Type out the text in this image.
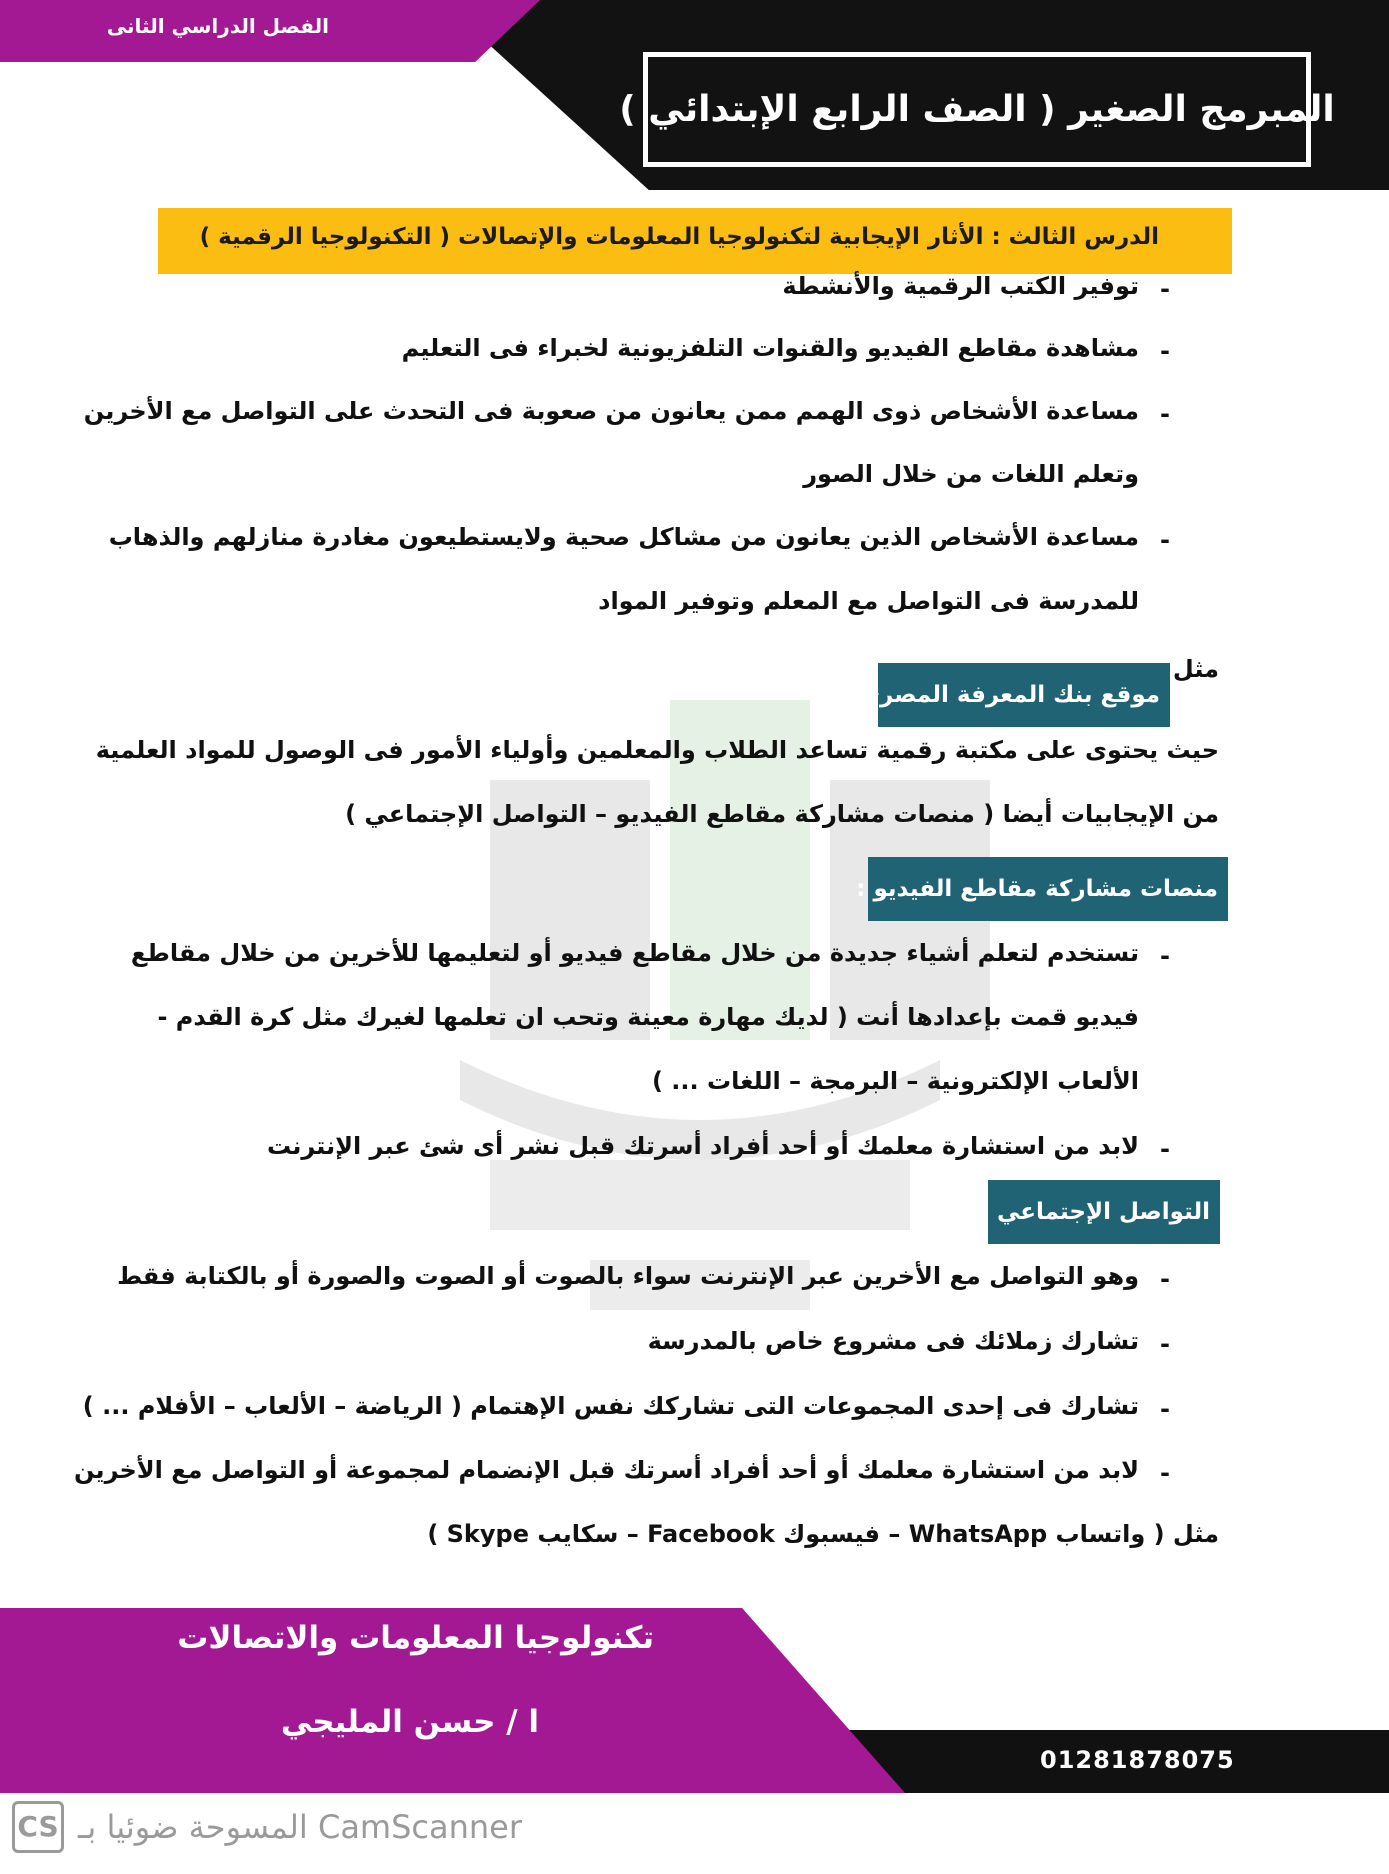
الفصل الدراسي الثانى
المبرمج الصغير ( الصف الرابع الإبتدائي )
الدرس الثالث : الأثار الإيجابية لتكنولوجيا المعلومات والإتصالات ( التكنولوجيا الرقمية )
-
توفير الكتب الرقمية والأنشطة
-
مشاهدة مقاطع الفيديو والقنوات التلفزيونية لخبراء فى التعليم
-
مساعدة الأشخاص ذوى الهمم ممن يعانون من صعوبة فى التحدث على التواصل مع الأخرين
وتعلم اللغات من خلال الصور
-
مساعدة الأشخاص الذين يعانون من مشاكل صحية ولايستطيعون مغادرة منازلهم والذهاب
للمدرسة فى التواصل مع المعلم وتوفير المواد
مثل
موقع بنك المعرفة المصري:
حيث يحتوى على مكتبة رقمية تساعد الطلاب والمعلمين وأولياء الأمور فى الوصول للمواد العلمية
من الإيجابيات أيضا ( منصات مشاركة مقاطع الفيديو – التواصل الإجتماعي )
منصات مشاركة مقاطع الفيديو :
-
تستخدم لتعلم أشياء جديدة من خلال مقاطع فيديو أو لتعليمها للأخرين من خلال مقاطع
فيديو قمت بإعدادها أنت ( لديك مهارة معينة وتحب ان تعلمها لغيرك مثل كرة القدم -
الألعاب الإلكترونية – البرمجة – اللغات ... )
-
لابد من استشارة معلمك أو أحد أفراد أسرتك قبل نشر أى شئ عبر الإنترنت
التواصل الإجتماعي :
-
وهو التواصل مع الأخرين عبر الإنترنت سواء بالصوت أو الصوت والصورة أو بالكتابة فقط
-
تشارك زملائك فى مشروع خاص بالمدرسة
-
تشارك فى إحدى المجموعات التى تشاركك نفس الإهتمام ( الرياضة – الألعاب – الأفلام ... )
-
لابد من استشارة معلمك أو أحد أفراد أسرتك قبل الإنضمام لمجموعة أو التواصل مع الأخرين
مثل ( واتساب WhatsApp – فيسبوك Facebook – سكايب Skype )
تكنولوجيا المعلومات والاتصالات
ا / حسن المليجي
01281878075
CS المسوحة ضوئيا بـ CamScanner
